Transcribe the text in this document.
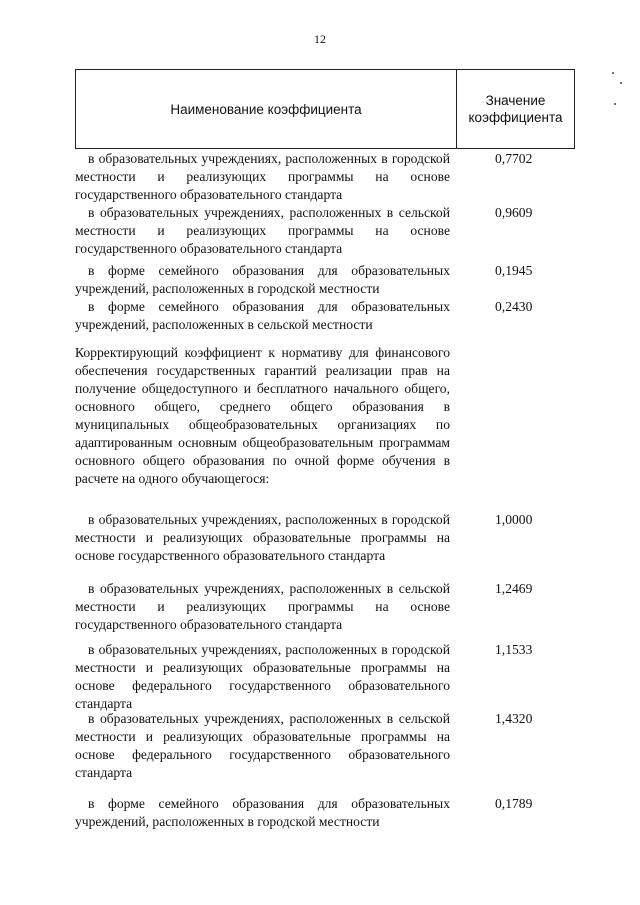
12
Наименование коэффициента
Значение коэффициента
в образовательных учреждениях, расположенных в городской местности и реализующих программы на основе государственного образовательного стандарта
0,7702
в образовательных учреждениях, расположенных в сельской местности и реализующих программы на основе государственного образовательного стандарта
0,9609
в форме семейного образования для образовательных учреждений, расположенных в городской местности
0,1945
в форме семейного образования для образовательных учреждений, расположенных в сельской местности
0,2430
Корректирующий коэффициент к нормативу для финансового обеспечения государственных гарантий реализации прав на получение общедоступного и бесплатного начального общего, основного общего, среднего общего образования в муниципальных общеобразовательных организациях по адаптированным основным общеобразовательным программам основного общего образования по очной форме обучения в расчете на одного обучающегося:
в образовательных учреждениях, расположенных в городской местности и реализующих образовательные программы на основе государственного образовательного стандарта
1,0000
в образовательных учреждениях, расположенных в сельской местности и реализующих программы на основе государственного образовательного стандарта
1,2469
в образовательных учреждениях, расположенных в городской местности и реализующих образовательные программы на основе федерального государственного образовательного стандарта
1,1533
в образовательных учреждениях, расположенных в сельской местности и реализующих образовательные программы на основе федерального государственного образовательного стандарта
1,4320
в форме семейного образования для образовательных учреждений, расположенных в городской местности
0,1789
